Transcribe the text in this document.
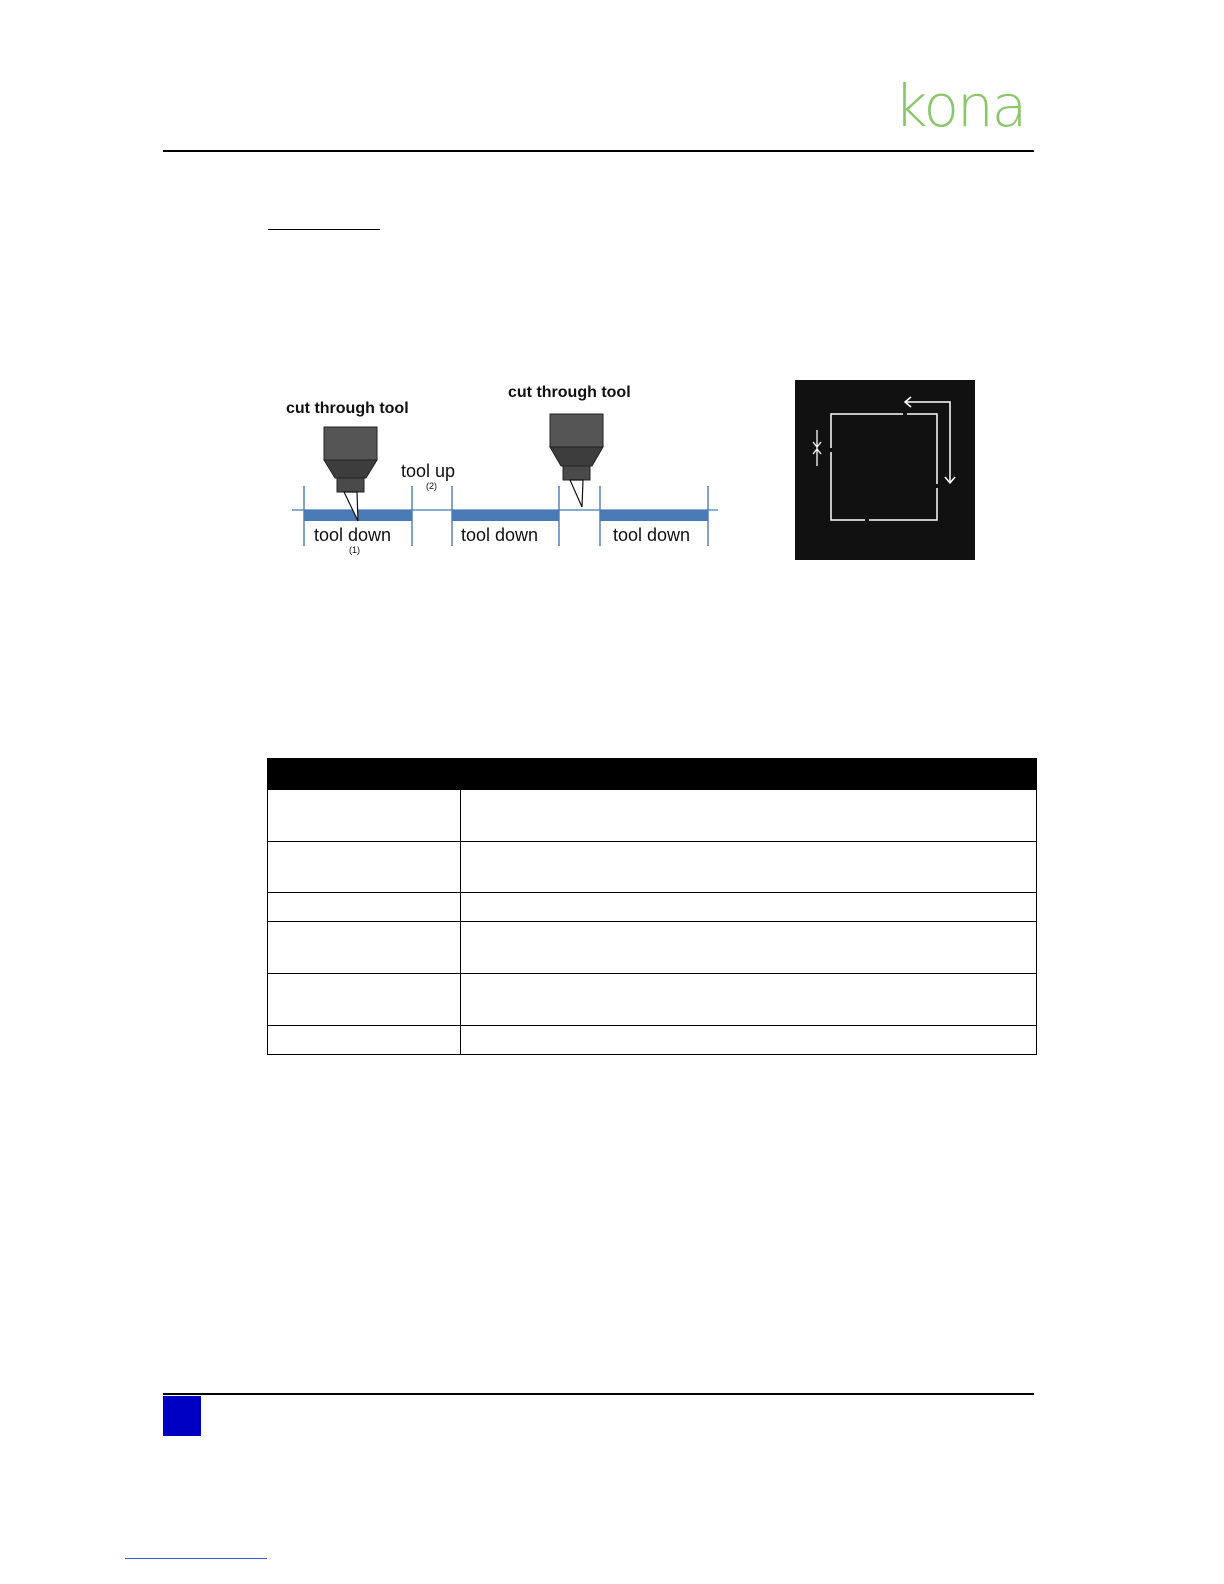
kona
cut through tool
cut through tool
tool up
(2)
tool down
(1)
tool down	tool down
